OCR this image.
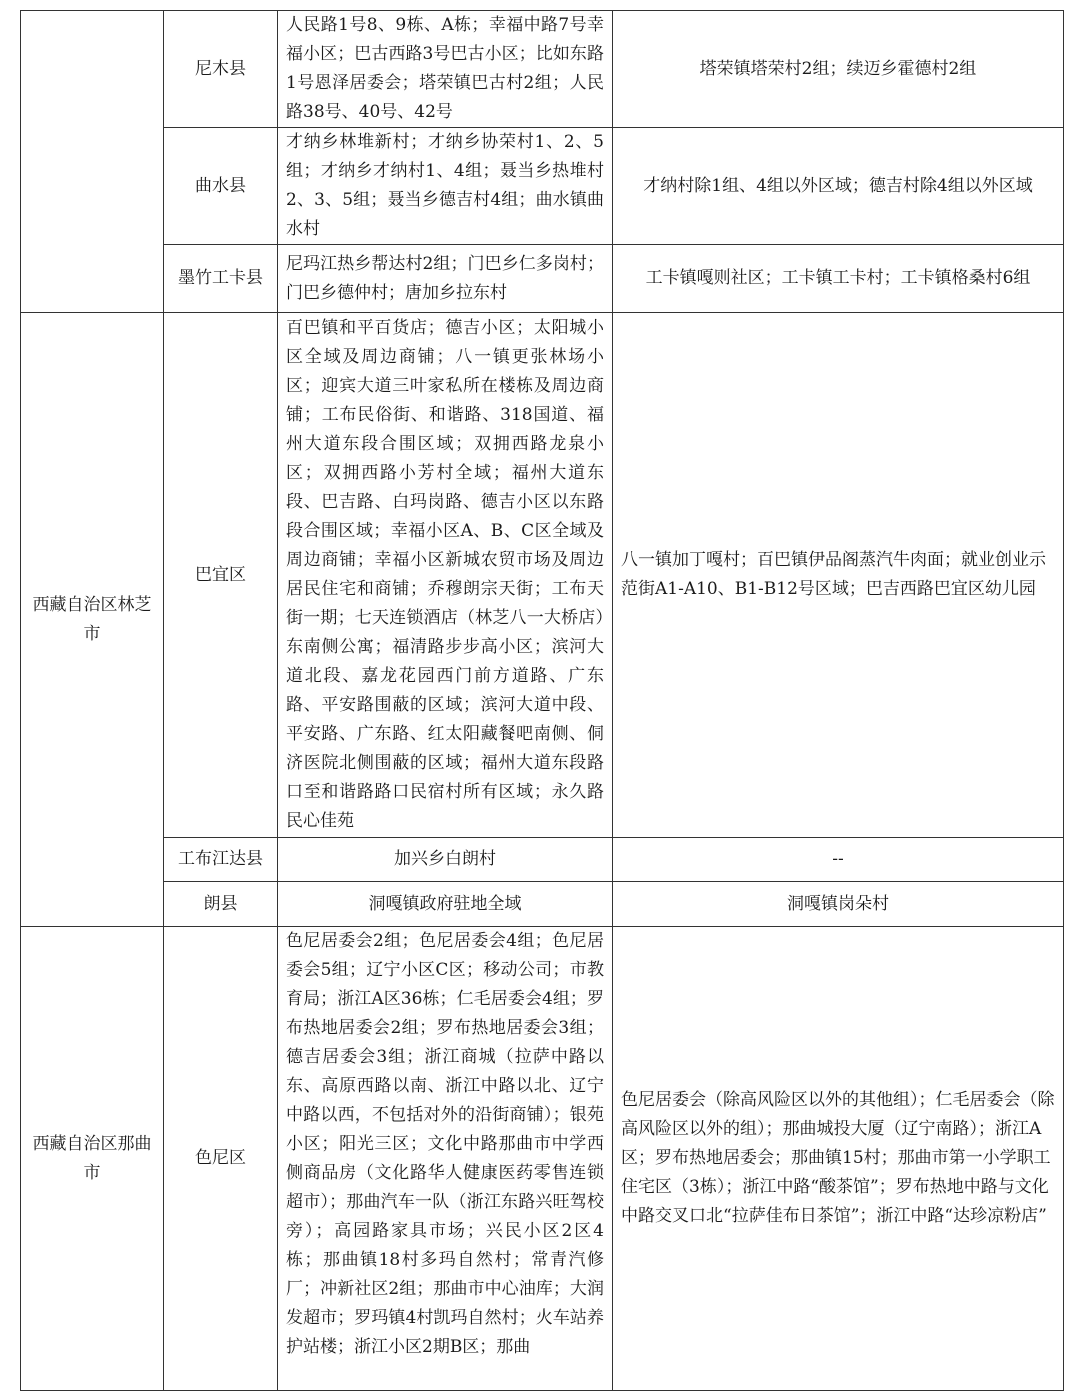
	尼木县	人民路1号8、9栋、A栋；幸福中路7号幸福小区；巴古西路3号巴古小区；比如东路1号恩泽居委会；塔荣镇巴古村2组；人民路38号、40号、42号	塔荣镇塔荣村2组；续迈乡霍德村2组
	曲水县	才纳乡林堆新村；才纳乡协荣村1、2、5组；才纳乡才纳村1、4组；聂当乡热堆村2、3、5组；聂当乡德吉村4组；曲水镇曲水村	才纳村除1组、4组以外区域；德吉村除4组以外区域
	墨竹工卡县	尼玛江热乡帮达村2组；门巴乡仁多岗村；门巴乡德仲村；唐加乡拉东村	工卡镇嘎则社区；工卡镇工卡村；工卡镇格桑村6组
西藏自治区林芝市	巴宜区	百巴镇和平百货店；德吉小区；太阳城小区全域及周边商铺；八一镇更张林场小区；迎宾大道三叶家私所在楼栋及周边商铺；工布民俗街、和谐路、318国道、福州大道东段合围区域；双拥西路龙泉小区；双拥西路小芳村全域；福州大道东段、巴吉路、白玛岗路、德吉小区以东路段合围区域；幸福小区A、B、C区全域及周边商铺；幸福小区新城农贸市场及周边居民住宅和商铺；乔穆朗宗天街；工布天街一期；七天连锁酒店（林芝八一大桥店）东南侧公寓；福清路步步高小区；滨河大道北段、嘉龙花园西门前方道路、广东路、平安路围蔽的区域；滨河大道中段、平安路、广东路、红太阳藏餐吧南侧、侗济医院北侧围蔽的区域；福州大道东段路口至和谐路路口民宿村所有区域；永久路民心佳苑	八一镇加丁嘎村；百巴镇伊品阁蒸汽牛肉面；就业创业示范街A1-A10、B1-B12号区域；巴吉西路巴宜区幼儿园
	工布江达县	加兴乡白朗村	--
	朗县	洞嘎镇政府驻地全域	洞嘎镇岗朵村
西藏自治区那曲市	色尼区	色尼居委会2组；色尼居委会4组；色尼居委会5组；辽宁小区C区；移动公司；市教育局；浙江A区36栋；仁毛居委会4组；罗布热地居委会2组；罗布热地居委会3组；德吉居委会3组；浙江商城（拉萨中路以东、高原西路以南、浙江中路以北、辽宁中路以西，不包括对外的沿街商铺）；银苑小区；阳光三区；文化中路那曲市中学西侧商品房（文化路华人健康医药零售连锁超市）；那曲汽车一队（浙江东路兴旺驾校旁）；高园路家具市场；兴民小区2区4栋；那曲镇18村多玛自然村；常青汽修厂；冲新社区2组；那曲市中心油库；大润发超市；罗玛镇4村凯玛自然村；火车站养护站楼；浙江小区2期B区；那曲	色尼居委会（除高风险区以外的其他组）；仁毛居委会（除高风险区以外的组）；那曲城投大厦（辽宁南路）；浙江A区；罗布热地居委会；那曲镇15村；那曲市第一小学职工住宅区（3栋）；浙江中路“酸茶馆”；罗布热地中路与文化中路交叉口北“拉萨佳布日茶馆”；浙江中路“达珍凉粉店”
